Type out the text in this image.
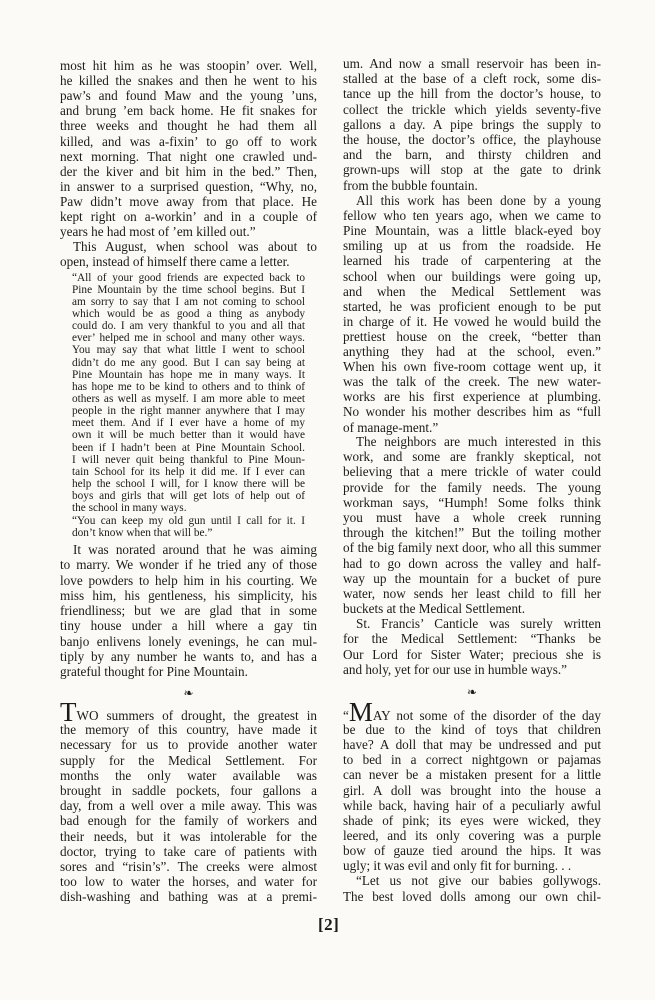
most hit him as he was stoopin’ over. Well,
he killed the snakes and then he went to his
paw’s and found Maw and the young ’uns,
and brung ’em back home. He fit snakes for
three weeks and thought he had them all
killed, and was a-fixin’ to go off to work
next morning. That night one crawled und-
der the kiver and bit him in the bed.” Then,
in answer to a surprised question, “Why, no,
Paw didn’t move away from that place. He
kept right on a-workin’ and in a couple of
years he had most of ’em killed out.”
This August, when school was about to
open, instead of himself there came a letter.
“All of your good friends are expected back to
Pine Mountain by the time school begins. But I
am sorry to say that I am not coming to school
which would be as good a thing as anybody
could do. I am very thankful to you and all that
ever’ helped me in school and many other ways.
You may say that what little I went to school
didn’t do me any good. But I can say being at
Pine Mountain has hope me in many ways. It
has hope me to be kind to others and to think of
others as well as myself. I am more able to meet
people in the right manner anywhere that I may
meet them. And if I ever have a home of my
own it will be much better than it would have
been if I hadn’t been at Pine Mountain School.
I will never quit being thankful to Pine Moun-
tain School for its help it did me. If I ever can
help the school I will, for I know there will be
boys and girls that will get lots of help out of
the school in many ways.
“You can keep my old gun until I call for it. I
don’t know when that will be.”
It was norated around that he was aiming
to marry. We wonder if he tried any of those
love powders to help him in his courting. We
miss him, his gentleness, his simplicity, his
friendliness; but we are glad that in some
tiny house under a hill where a gay tin
banjo enlivens lonely evenings, he can mul-
tiply by any number he wants to, and has a
grateful thought for Pine Mountain.
❧
TWO summers of drought, the greatest in
the memory of this country, have made it
necessary for us to provide another water
supply for the Medical Settlement. For
months the only water available was
brought in saddle pockets, four gallons a
day, from a well over a mile away. This was
bad enough for the family of workers and
their needs, but it was intolerable for the
doctor, trying to take care of patients with
sores and “risin’s”. The creeks were almost
too low to water the horses, and water for
dish-washing and bathing was at a premi-
um. And now a small reservoir has been in-
stalled at the base of a cleft rock, some dis-
tance up the hill from the doctor’s house, to
collect the trickle which yields seventy-five
gallons a day. A pipe brings the supply to
the house, the doctor’s office, the playhouse
and the barn, and thirsty children and
grown-ups will stop at the gate to drink
from the bubble fountain.
All this work has been done by a young
fellow who ten years ago, when we came to
Pine Mountain, was a little black-eyed boy
smiling up at us from the roadside. He
learned his trade of carpentering at the
school when our buildings were going up,
and when the Medical Settlement was
started, he was proficient enough to be put
in charge of it. He vowed he would build the
prettiest house on the creek, “better than
anything they had at the school, even.”
When his own five-room cottage went up, it
was the talk of the creek. The new water-
works are his first experience at plumbing.
No wonder his mother describes him as “full
of manage-ment.”
The neighbors are much interested in this
work, and some are frankly skeptical, not
believing that a mere trickle of water could
provide for the family needs. The young
workman says, “Humph! Some folks think
you must have a whole creek running
through the kitchen!” But the toiling mother
of the big family next door, who all this summer
had to go down across the valley and half-
way up the mountain for a bucket of pure
water, now sends her least child to fill her
buckets at the Medical Settlement.
St. Francis’ Canticle was surely written
for the Medical Settlement: “Thanks be
Our Lord for Sister Water; precious she is
and holy, yet for our use in humble ways.”
❧
“MAY not some of the disorder of the day
be due to the kind of toys that children
have? A doll that may be undressed and put
to bed in a correct nightgown or pajamas
can never be a mistaken present for a little
girl. A doll was brought into the house a
while back, having hair of a peculiarly awful
shade of pink; its eyes were wicked, they
leered, and its only covering was a purple
bow of gauze tied around the hips. It was
ugly; it was evil and only fit for burning. . .
“Let us not give our babies gollywogs.
The best loved dolls among our own chil-
[2]
